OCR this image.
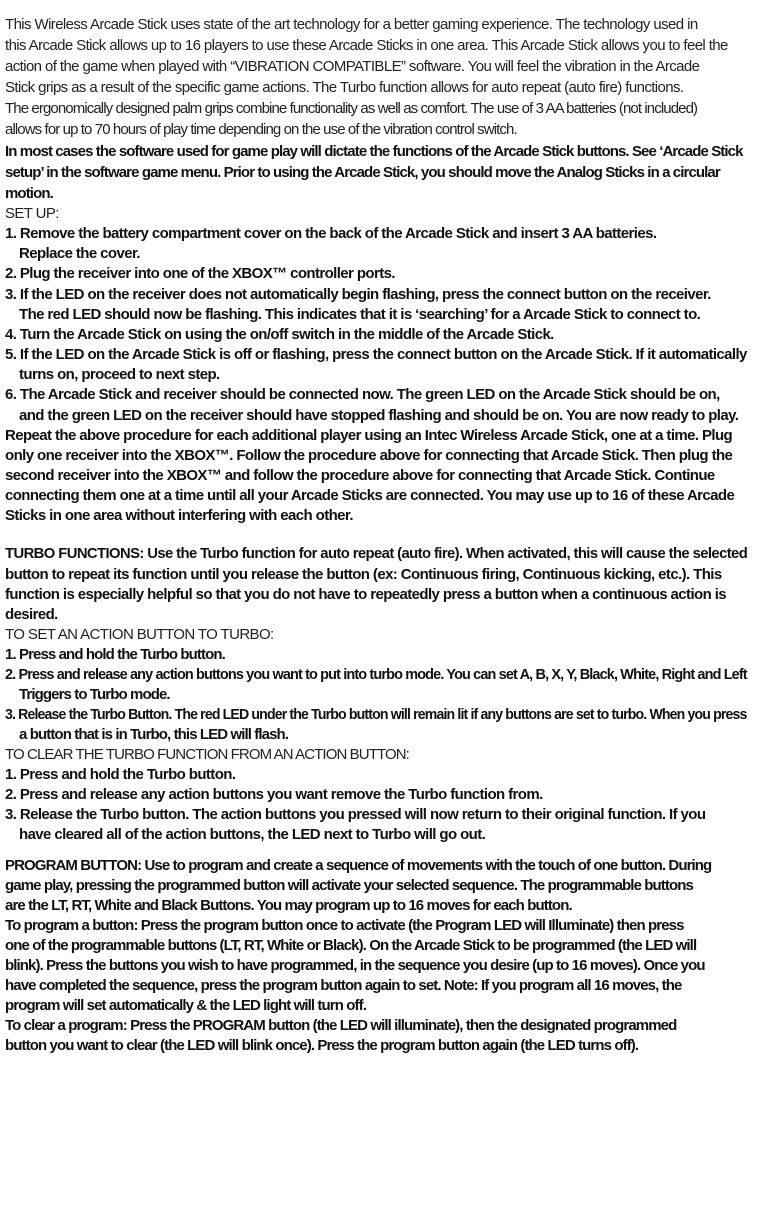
This Wireless Arcade Stick uses state of the art technology for a better gaming experience. The technology used in
this Arcade Stick allows up to 16 players to use these Arcade Sticks in one area. This Arcade Stick allows you to feel the
action of the game when played with “VIBRATION COMPATIBLE” software. You will feel the vibration in the Arcade
Stick grips as a result of the specific game actions. The Turbo function allows for auto repeat (auto fire) functions.
The ergonomically designed palm grips combine functionality as well as comfort. The use of 3 AA batteries (not included)
allows for up to 70 hours of play time depending on the use of the vibration control switch.
In most cases the software used for game play will dictate the functions of the Arcade Stick buttons. See ‘Arcade Stick
setup’ in the software game menu. Prior to using the Arcade Stick, you should move the Analog Sticks in a circular
motion.
SET UP:
1. Remove the battery compartment cover on the back of the Arcade Stick and insert 3 AA batteries.
Replace the cover.
2. Plug the receiver into one of the XBOX™ controller ports.
3. If the LED on the receiver does not automatically begin flashing, press the connect button on the receiver.
The red LED should now be flashing. This indicates that it is ‘searching’ for a Arcade Stick to connect to.
4. Turn the Arcade Stick on using the on/off switch in the middle of the Arcade Stick.
5. If the LED on the Arcade Stick is off or flashing, press the connect button on the Arcade Stick. If it automatically
turns on, proceed to next step.
6. The Arcade Stick and receiver should be connected now. The green LED on the Arcade Stick should be on,
and the green LED on the receiver should have stopped flashing and should be on. You are now ready to play.
Repeat the above procedure for each additional player using an Intec Wireless Arcade Stick, one at a time. Plug
only one receiver into the XBOX™. Follow the procedure above for connecting that Arcade Stick. Then plug the
second receiver into the XBOX™ and follow the procedure above for connecting that Arcade Stick. Continue
connecting them one at a time until all your Arcade Sticks are connected. You may use up to 16 of these Arcade
Sticks in one area without interfering with each other.
TURBO FUNCTIONS: Use the Turbo function for auto repeat (auto fire). When activated, this will cause the selected
button to repeat its function until you release the button (ex: Continuous firing, Continuous kicking, etc.). This
function is especially helpful so that you do not have to repeatedly press a button when a continuous action is
desired.
TO SET AN ACTION BUTTON TO TURBO:
1. Press and hold the Turbo button.
2. Press and release any action buttons you want to put into turbo mode. You can set A, B, X, Y, Black, White, Right and Left
Triggers to Turbo mode.
3. Release the Turbo Button. The red LED under the Turbo button will remain lit if any buttons are set to turbo. When you press
a button that is in Turbo, this LED will flash.
TO CLEAR THE TURBO FUNCTION FROM AN ACTION BUTTON:
1. Press and hold the Turbo button.
2. Press and release any action buttons you want remove the Turbo function from.
3. Release the Turbo button. The action buttons you pressed will now return to their original function. If you
have cleared all of the action buttons, the LED next to Turbo will go out.
PROGRAM BUTTON: Use to program and create a sequence of movements with the touch of one button. During
game play, pressing the programmed button will activate your selected sequence. The programmable buttons
are the LT, RT, White and Black Buttons. You may program up to 16 moves for each button.
To program a button: Press the program button once to activate (the Program LED will Illuminate) then press
one of the programmable buttons (LT, RT, White or Black). On the Arcade Stick to be programmed (the LED will
blink). Press the buttons you wish to have programmed, in the sequence you desire (up to 16 moves). Once you
have completed the sequence, press the program button again to set. Note: If you program all 16 moves, the
program will set automatically & the LED light will turn off.
To clear a program: Press the PROGRAM button (the LED will illuminate), then the designated programmed
button you want to clear (the LED will blink once). Press the program button again (the LED turns off).
